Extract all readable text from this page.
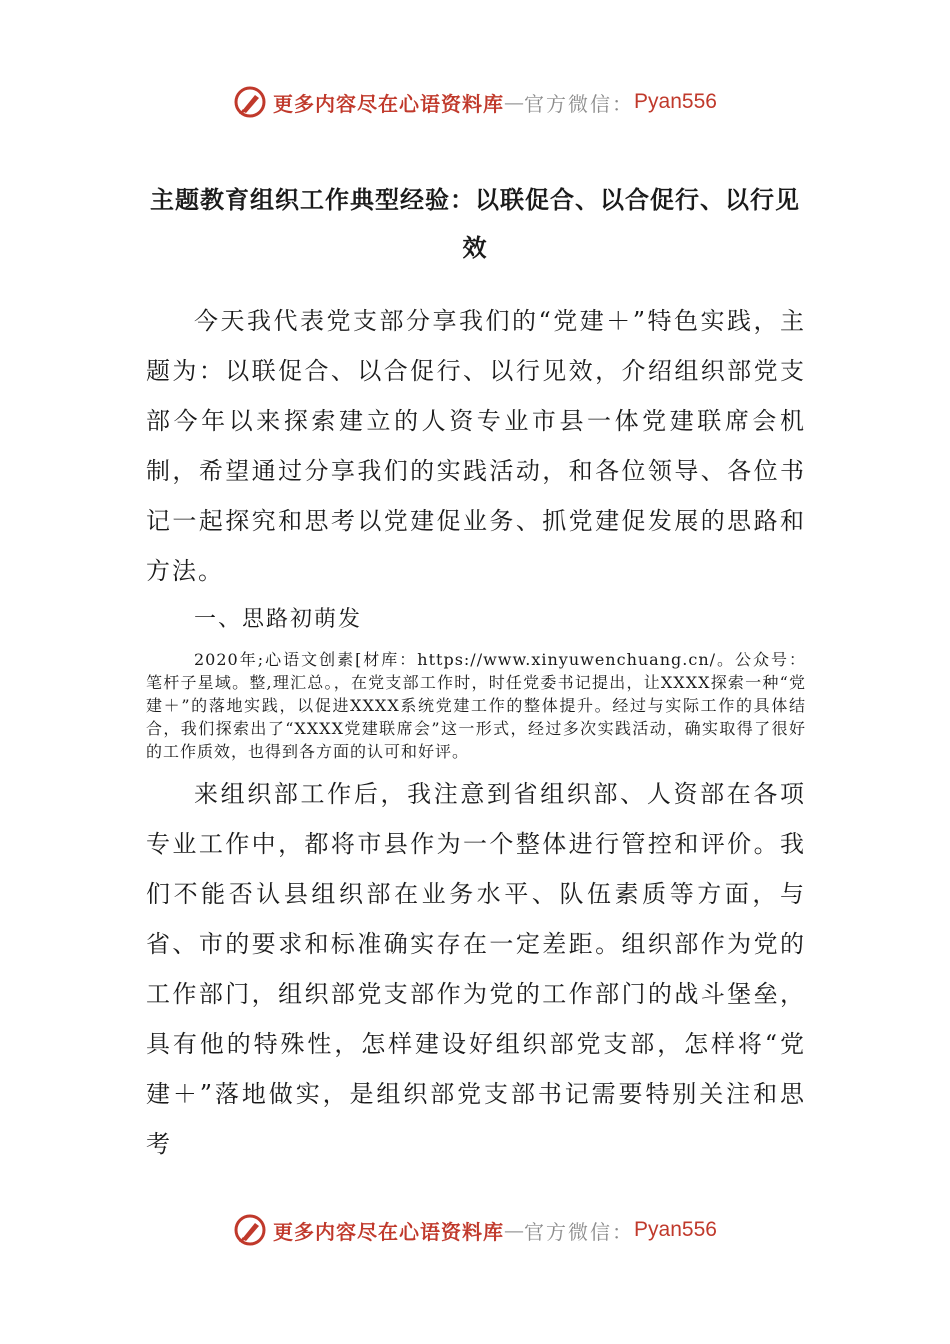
更多内容尽在心语资料库 — 官方微信： Pyan556
主题教育组织工作典型经验：以联促合、以合促行、以行见效

今天我代表党支部分享我们的“党建＋”特色实践，主题为：以联促合、以合促行、以行见效，介绍组织部党支部今年以来探索建立的人资专业市县一体党建联席会机制，希望通过分享我们的实践活动，和各位领导、各位书记一起探究和思考以党建促业务、抓党建促发展的思路和方法。

一、思路初萌发

2020年;心语文创素[材库：https://www.xinyuwenchuang.cn/。公众号：笔杆子星域。整,理汇总。，在党支部工作时，时任党委书记提出，让XXXX探索一种“党建＋”的落地实践，以促进XXXX系统党建工作的整体提升。经过与实际工作的具体结合，我们探索出了“XXXX党建联席会”这一形式，经过多次实践活动，确实取得了很好的工作质效，也得到各方面的认可和好评。

来组织部工作后，我注意到省组织部、人资部在各项专业工作中，都将市县作为一个整体进行管控和评价。我们不能否认县组织部在业务水平、队伍素质等方面，与省、市的要求和标准确实存在一定差距。组织部作为党的工作部门，组织部党支部作为党的工作部门的战斗堡垒，具有他的特殊性，怎样建设好组织部党支部，怎样将“党建＋”落地做实，是组织部党支部书记需要特别关注和思考

更多内容尽在心语资料库 — 官方微信： Pyan556
